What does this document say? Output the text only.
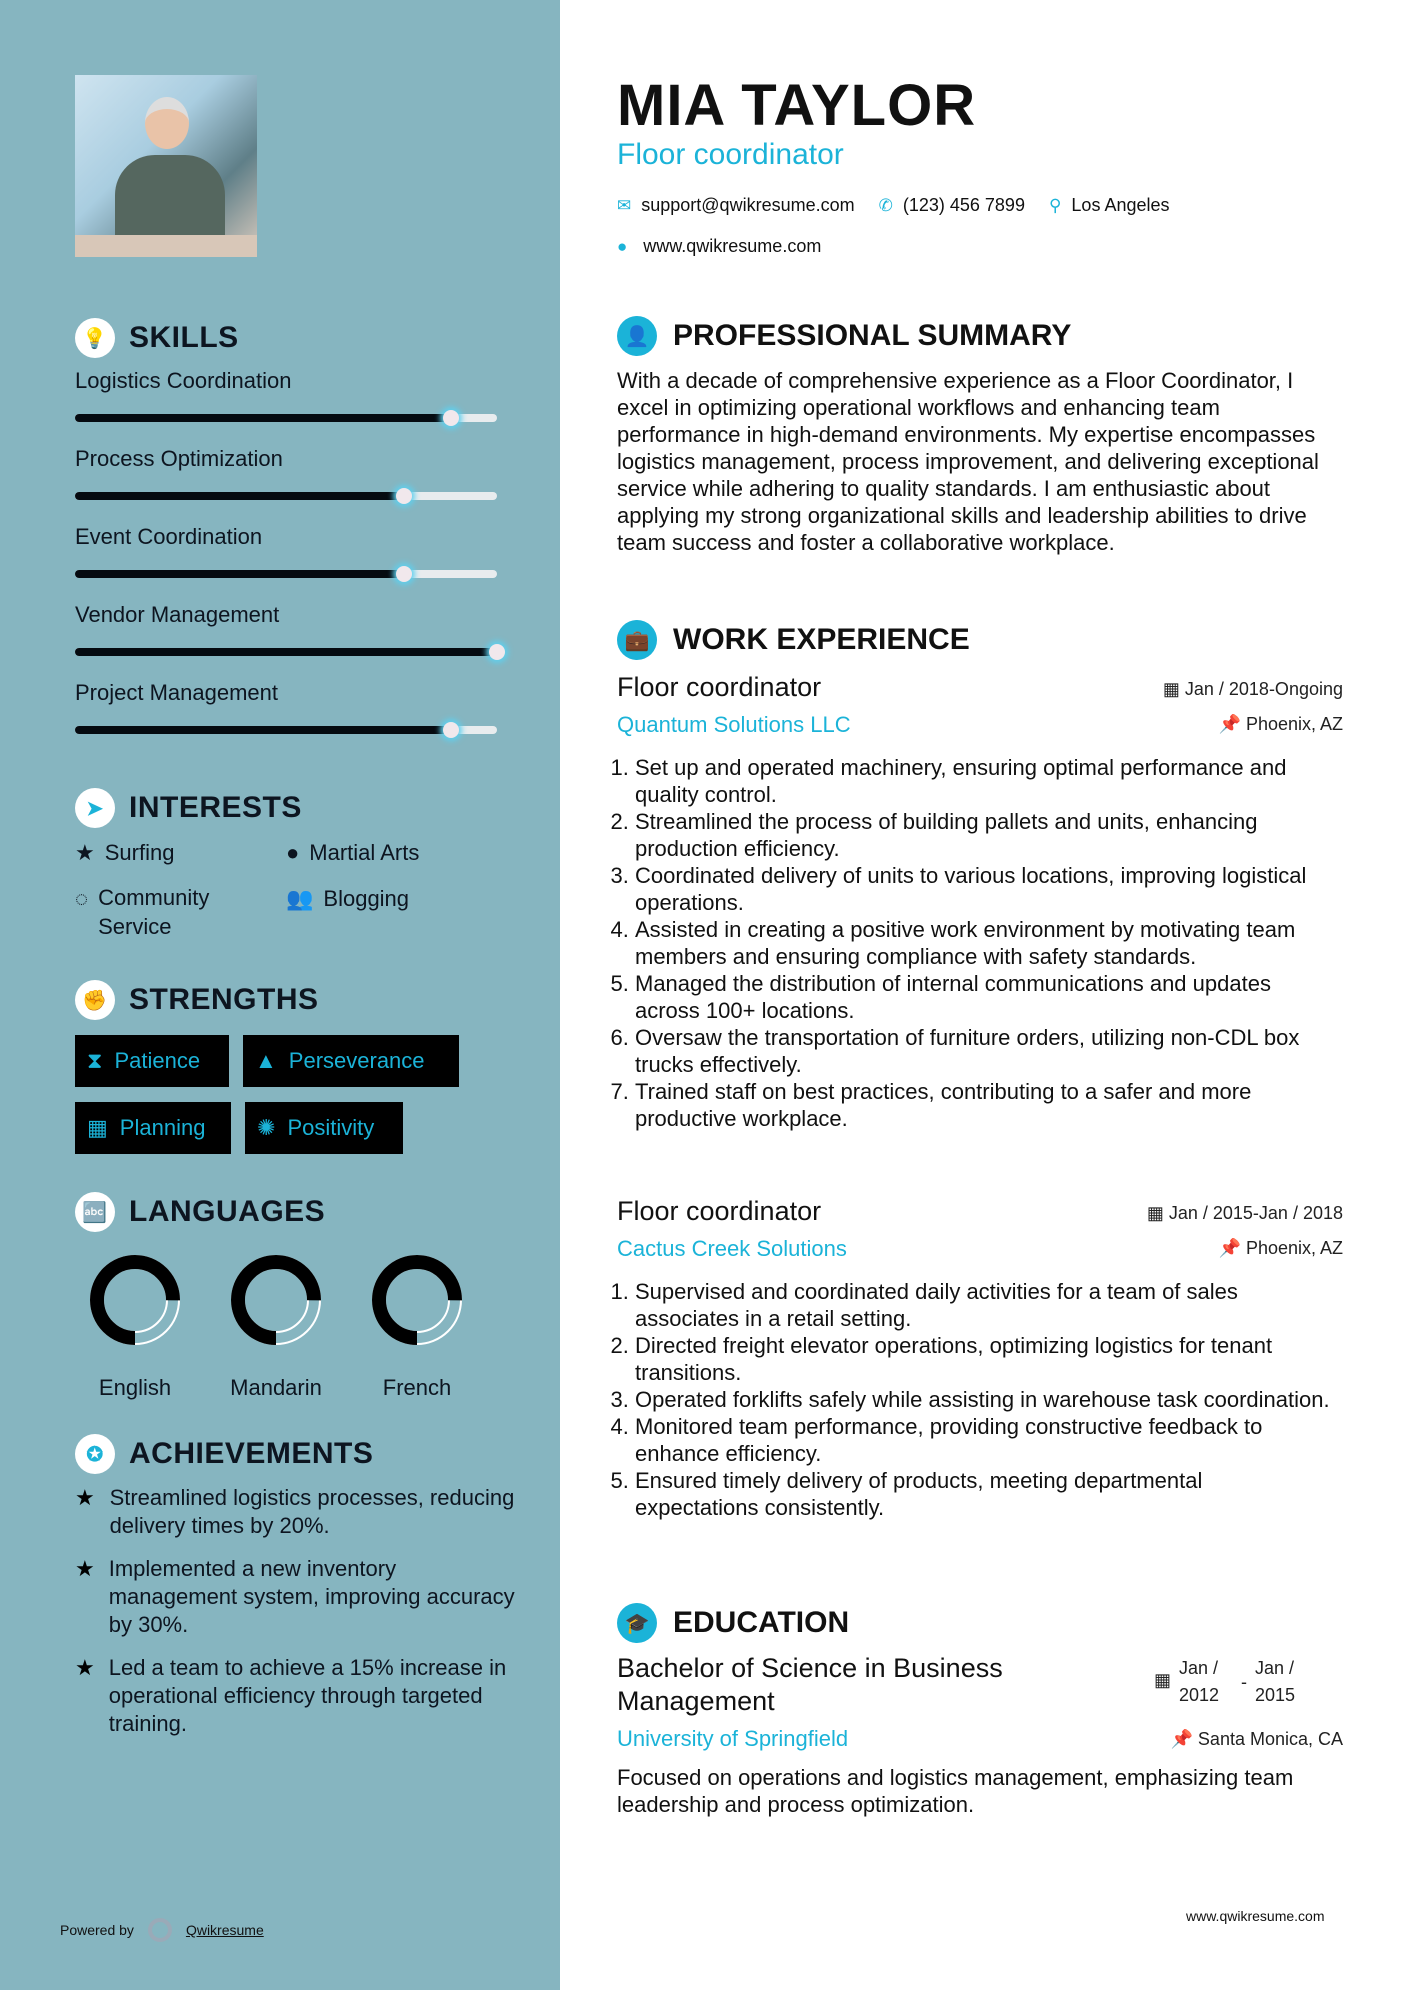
💡 SKILLS
Logistics Coordination
Process Optimization
Event Coordination
Vendor Management
Project Management
➤ INTERESTS
★ Surfing	● Martial Arts
◌ Community Service
👥 Blogging
✊ STRENGTHS
⧗ Patience ▲ Perseverance
▦ Planning ✺ Positivity
🔤 LANGUAGES
English	Mandarin	French
✪ ACHIEVEMENTS
★ Streamlined logistics processes, reducing delivery times by 20%.
★ Implemented a new inventory management system, improving accuracy by 30%.
★ Led a team to achieve a 15% increase in operational efficiency through targeted training.
Powered by	Qwikresume
www.qwikresume.com
MIA TAYLOR
Floor coordinator
✉ support@qwikresume.com ✆ (123) 456 7899 ⚲ Los Angeles
● www.qwikresume.com
👤 PROFESSIONAL SUMMARY
With a decade of comprehensive experience as a Floor Coordinator, I excel in optimizing operational workflows and enhancing team performance in high-demand environments. My expertise encompasses logistics management, process improvement, and delivering exceptional service while adhering to quality standards. I am enthusiastic about applying my strong organizational skills and leadership abilities to drive team success and foster a collaborative workplace.
💼 WORK EXPERIENCE
Floor coordinator	▦ Jan / 2018-Ongoing
Quantum Solutions LLC	📌 Phoenix, AZ
1. Set up and operated machinery, ensuring optimal performance and quality control.
2. Streamlined the process of building pallets and units, enhancing production efficiency.
3. Coordinated delivery of units to various locations, improving logistical operations.
4. Assisted in creating a positive work environment by motivating team members and ensuring compliance with safety standards.
5. Managed the distribution of internal communications and updates across 100+ locations.
6. Oversaw the transportation of furniture orders, utilizing non-CDL box trucks effectively.
7. Trained staff on best practices, contributing to a safer and more productive workplace.
Floor coordinator	▦ Jan / 2015-Jan / 2018
Cactus Creek Solutions	📌 Phoenix, AZ
1. Supervised and coordinated daily activities for a team of sales associates in a retail setting.
2. Directed freight elevator operations, optimizing logistics for tenant transitions.
3. Operated forklifts safely while assisting in warehouse task coordination.
4. Monitored team performance, providing constructive feedback to enhance efficiency.
5. Ensured timely delivery of products, meeting departmental expectations consistently.
🎓 EDUCATION
Bachelor of Science in Business Management
▦
Jan / 2012
-
Jan / 2015
University of Springfield	📌 Santa Monica, CA
Focused on operations and logistics management, emphasizing team leadership and process optimization.
